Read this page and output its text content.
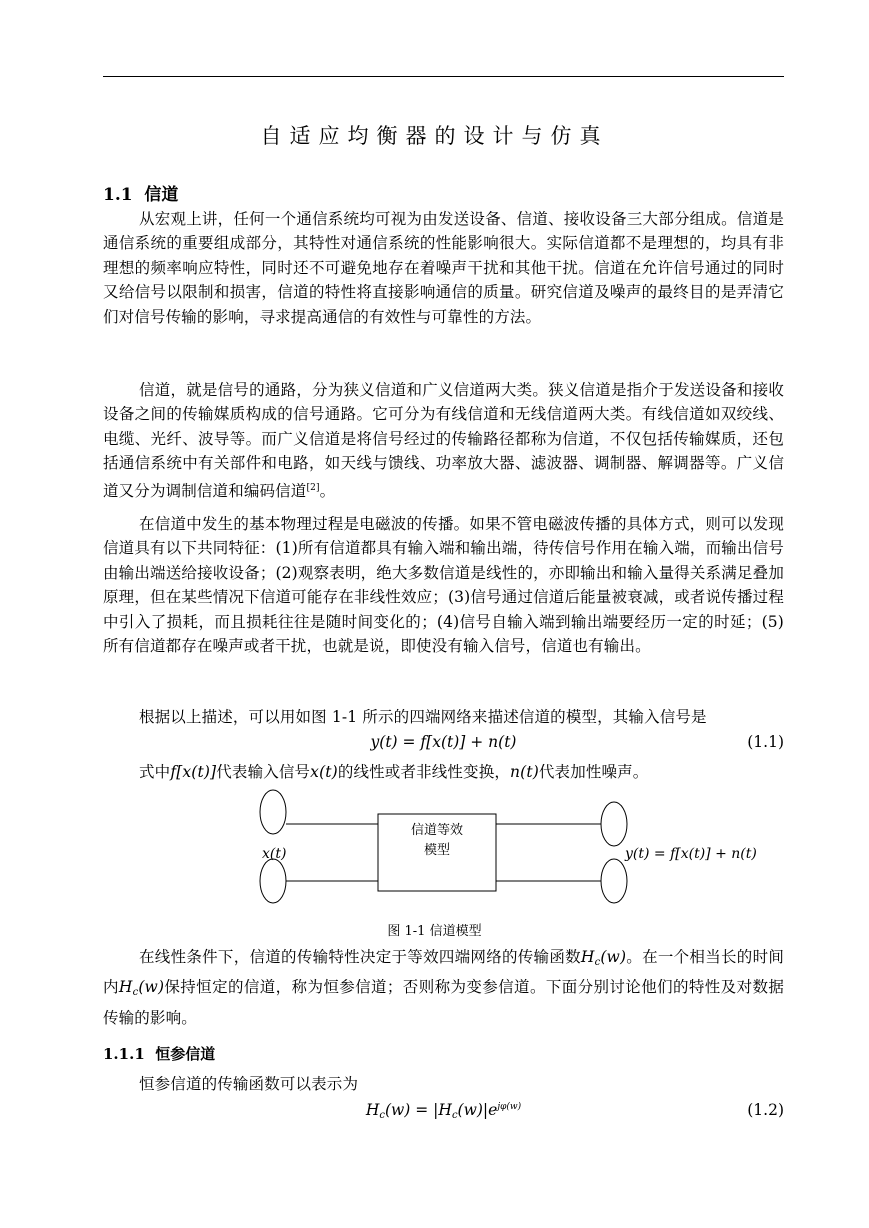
自适应均衡器的设计与仿真
1.1 信道
从宏观上讲，任何一个通信系统均可视为由发送设备、信道、接收设备三大部分组成。信道是通信系统的重要组成部分，其特性对通信系统的性能影响很大。实际信道都不是理想的，均具有非理想的频率响应特性，同时还不可避免地存在着噪声干扰和其他干扰。信道在允许信号通过的同时又给信号以限制和损害，信道的特性将直接影响通信的质量。研究信道及噪声的最终目的是弄清它们对信号传输的影响，寻求提高通信的有效性与可靠性的方法。
信道，就是信号的通路，分为狭义信道和广义信道两大类。狭义信道是指介于发送设备和接收设备之间的传输媒质构成的信号通路。它可分为有线信道和无线信道两大类。有线信道如双绞线、电缆、光纤、波导等。而广义信道是将信号经过的传输路径都称为信道，不仅包括传输媒质，还包括通信系统中有关部件和电路，如天线与馈线、功率放大器、滤波器、调制器、解调器等。广义信道又分为调制信道和编码信道[2]。
在信道中发生的基本物理过程是电磁波的传播。如果不管电磁波传播的具体方式，则可以发现信道具有以下共同特征：(1)所有信道都具有输入端和输出端，待传信号作用在输入端，而输出信号由输出端送给接收设备；(2)观察表明，绝大多数信道是线性的，亦即输出和输入量得关系满足叠加原理，但在某些情况下信道可能存在非线性效应；(3)信号通过信道后能量被衰减，或者说传播过程中引入了损耗，而且损耗往往是随时间变化的；(4)信号自输入端到输出端要经历一定的时延；(5)所有信道都存在噪声或者干扰，也就是说，即使没有输入信号，信道也有输出。
根据以上描述，可以用如图 1-1 所示的四端网络来描述信道的模型，其输入信号是
y(t) = f[x(t)] + n(t)	(1.1)
式中f[x(t)]代表输入信号x(t)的线性或者非线性变换，n(t)代表加性噪声。
信道等效
模型
x(t)	y(t) = f[x(t)] + n(t)
图 1-1 信道模型
在线性条件下，信道的传输特性决定于等效四端网络的传输函数$H_c(w)$。在一个相当长的时间内$H_c(w)$保持恒定的信道，称为恒参信道；否则称为变参信道。下面分别讨论他们的特性及对数据传输的影响。
1.1.1 恒参信道
恒参信道的传输函数可以表示为
$H_c(w) = |H_c(w)|e^{j\varphi(w)}$	(1.2)
